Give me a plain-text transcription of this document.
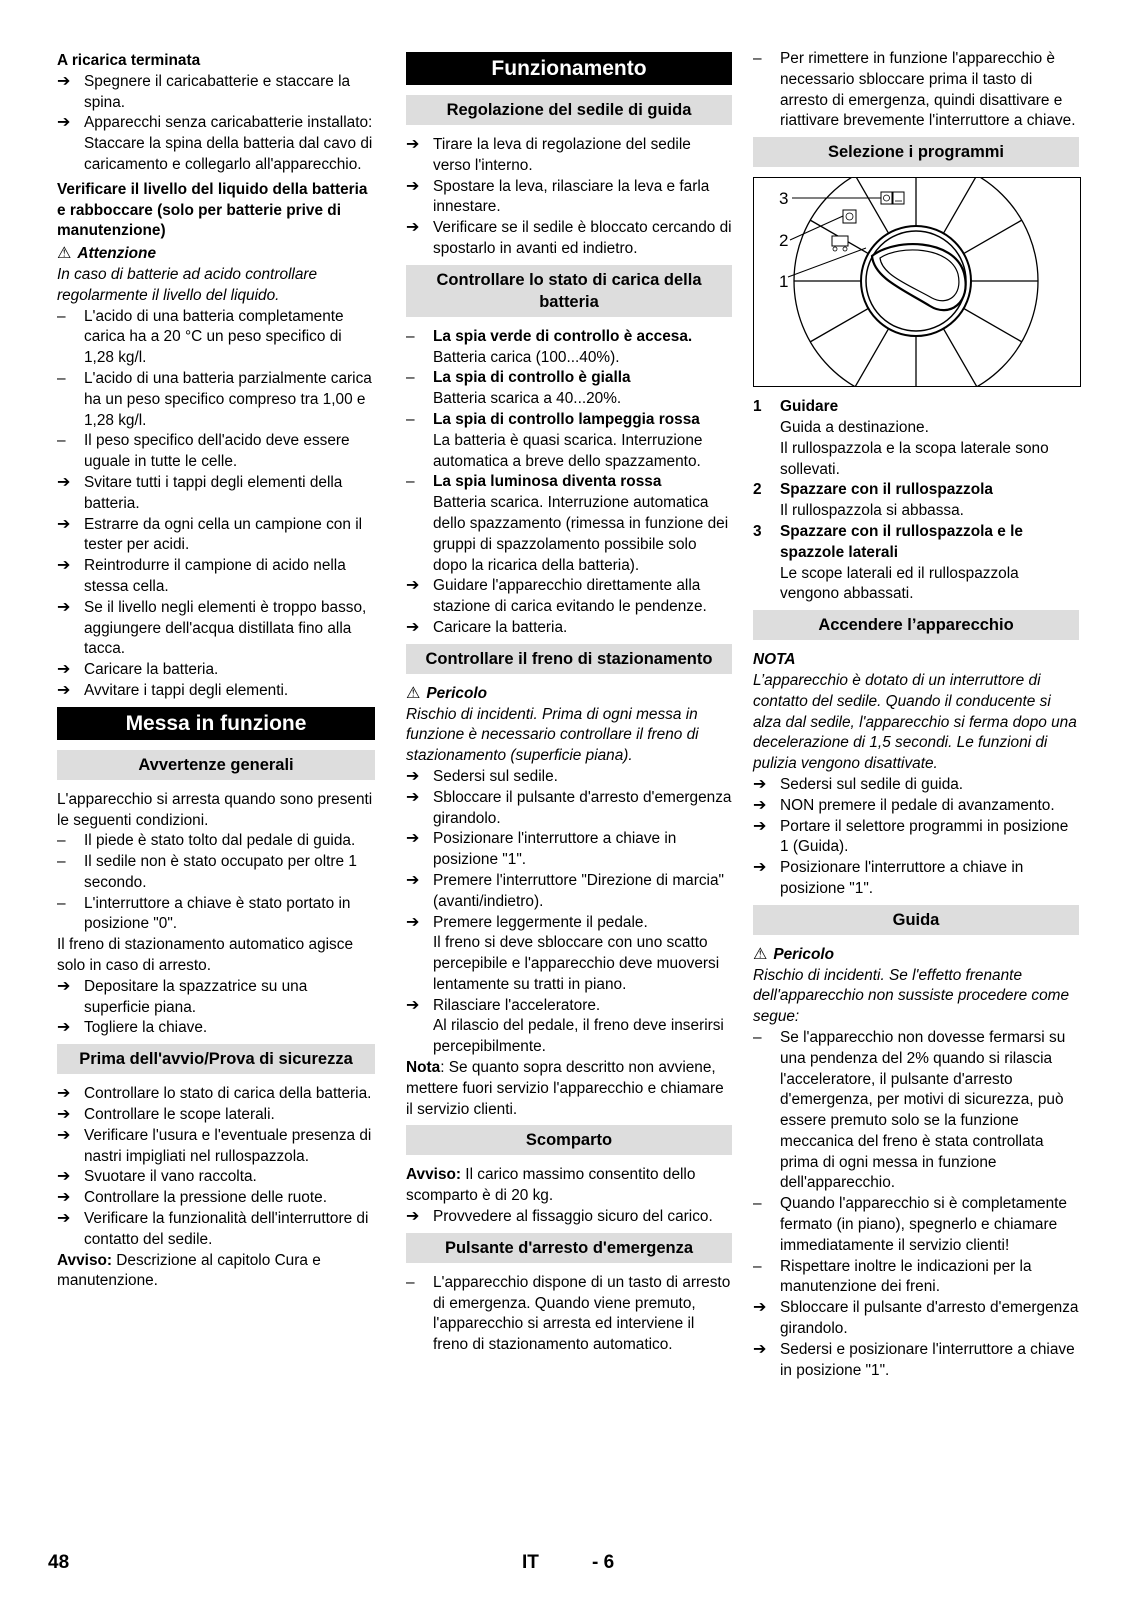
A ricarica terminata
➔ Spegnere il caricabatterie e staccare la spina.
➔ Apparecchi senza caricabatterie installato: Staccare la spina della batteria dal cavo di caricamento e collegarlo all'apparecchio.
Verificare il livello del liquido della batteria e rabboccare (solo per batterie prive di manutenzione)
⚠ Attenzione
In caso di batterie ad acido controllare regolarmente il livello del liquido.
–	L'acido di una batteria completamente carica ha a 20 °C un peso specifico di 1,28 kg/l.
–	L'acido di una batteria parzialmente carica ha un peso specifico compreso tra 1,00 e 1,28 kg/l.
–	Il peso specifico dell'acido deve essere uguale in tutte le celle.
➔ Svitare tutti i tappi degli elementi della batteria.
➔ Estrarre da ogni cella un campione con il tester per acidi.
➔ Reintrodurre il campione di acido nella stessa cella.
➔ Se il livello negli elementi è troppo basso, aggiungere dell'acqua distillata fino alla tacca.
➔ Caricare la batteria.
➔ Avvitare i tappi degli elementi.
Messa in funzione
Avvertenze generali
L'apparecchio si arresta quando sono presenti le seguenti condizioni.
–	Il piede è stato tolto dal pedale di guida.
–	Il sedile non è stato occupato per oltre 1 secondo.
–	L'interruttore a chiave è stato portato in posizione "0".
Il freno di stazionamento automatico agisce solo in caso di arresto.
➔ Depositare la spazzatrice su una superficie piana.
➔ Togliere la chiave.
Prima dell'avvio/Prova di sicurezza
➔ Controllare lo stato di carica della batteria.
➔ Controllare le scope laterali.
➔ Verificare l'usura e l'eventuale presenza di nastri impigliati nel rullospazzola.
➔ Svuotare il vano raccolta.
➔ Controllare la pressione delle ruote.
➔ Verificare la funzionalità dell'interruttore di contatto del sedile.
Avviso: Descrizione al capitolo Cura e manutenzione.
Funzionamento
Regolazione del sedile di guida
➔ Tirare la leva di regolazione del sedile verso l'interno.
➔ Spostare la leva, rilasciare la leva e farla innestare.
➔ Verificare se il sedile è bloccato cercando di spostarlo in avanti ed indietro.
Controllare lo stato di carica della batteria
–	La spia verde di controllo è accesa.
Batteria carica (100...40%).
–	La spia di controllo è gialla
Batteria scarica a 40...20%.
–	La spia di controllo lampeggia rossa
La batteria è quasi scarica. Interruzione automatica a breve dello spazzamento.
–	La spia luminosa diventa rossa
Batteria scarica. Interruzione automatica dello spazzamento (rimessa in funzione dei gruppi di spazzolamento possibile solo dopo la ricarica della batteria).
➔ Guidare l'apparecchio direttamente alla stazione di carica evitando le pendenze.
➔ Caricare la batteria.
Controllare il freno di stazionamento
⚠ Pericolo
Rischio di incidenti. Prima di ogni messa in funzione è necessario controllare il freno di stazionamento (superficie piana).
➔ Sedersi sul sedile.
➔ Sbloccare il pulsante d'arresto d'emergenza girandolo.
➔ Posizionare l'interruttore a chiave in posizione "1".
➔ Premere l'interruttore "Direzione di marcia" (avanti/indietro).
➔ Premere leggermente il pedale.
Il freno si deve sbloccare con uno scatto percepibile e l'apparecchio deve muoversi lentamente su tratti in piano.
➔ Rilasciare l'acceleratore.
Al rilascio del pedale, il freno deve inserirsi percepibilmente.
Nota: Se quanto sopra descritto non avviene, mettere fuori servizio l'apparecchio e chiamare il servizio clienti.
Scomparto
Avviso: Il carico massimo consentito dello scomparto è di 20 kg.
➔ Provvedere al fissaggio sicuro del carico.
Pulsante d'arresto d'emergenza
–	L'apparecchio dispone di un tasto di arresto di emergenza. Quando viene premuto, l'apparecchio si arresta ed interviene il freno di stazionamento automatico.
–	Per rimettere in funzione l'apparecchio è necessario sbloccare prima il tasto di arresto di emergenza, quindi disattivare e riattivare brevemente l'interruttore a chiave.
Selezione i programmi
3
2
1
1	Guidare
Guida a destinazione.
Il rullospazzola e la scopa laterale sono sollevati.
2	Spazzare con il rullospazzola
Il rullospazzola si abbassa.
3	Spazzare con il rullospazzola e le spazzole laterali
Le scope laterali ed il rullospazzola vengono abbassati.
Accendere l’apparecchio
NOTA
L’apparecchio è dotato di un interruttore di contatto del sedile. Quando il conducente si alza dal sedile, l'apparecchio si ferma dopo una decelerazione di 1,5 secondi. Le funzioni di pulizia vengono disattivate.
➔ Sedersi sul sedile di guida.
➔ NON premere il pedale di avanzamento.
➔ Portare il selettore programmi in posizione 1 (Guida).
➔ Posizionare l'interruttore a chiave in posizione "1".
Guida
⚠ Pericolo
Rischio di incidenti. Se l'effetto frenante dell'apparecchio non sussiste procedere come segue:
–	Se l'apparecchio non dovesse fermarsi su una pendenza del 2% quando si rilascia l'acceleratore, il pulsante d'arresto d'emergenza, per motivi di sicurezza, può essere premuto solo se la funzione meccanica del freno è stata controllata prima di ogni messa in funzione dell'apparecchio.
–	Quando l'apparecchio si è completamente fermato (in piano), spegnerlo e chiamare immediatamente il servizio clienti!
–	Rispettare inoltre le indicazioni per la manutenzione dei freni.
➔ Sbloccare il pulsante d'arresto d'emergenza girandolo.
➔ Sedersi e posizionare l'interruttore a chiave in posizione "1".
48	IT	- 6
